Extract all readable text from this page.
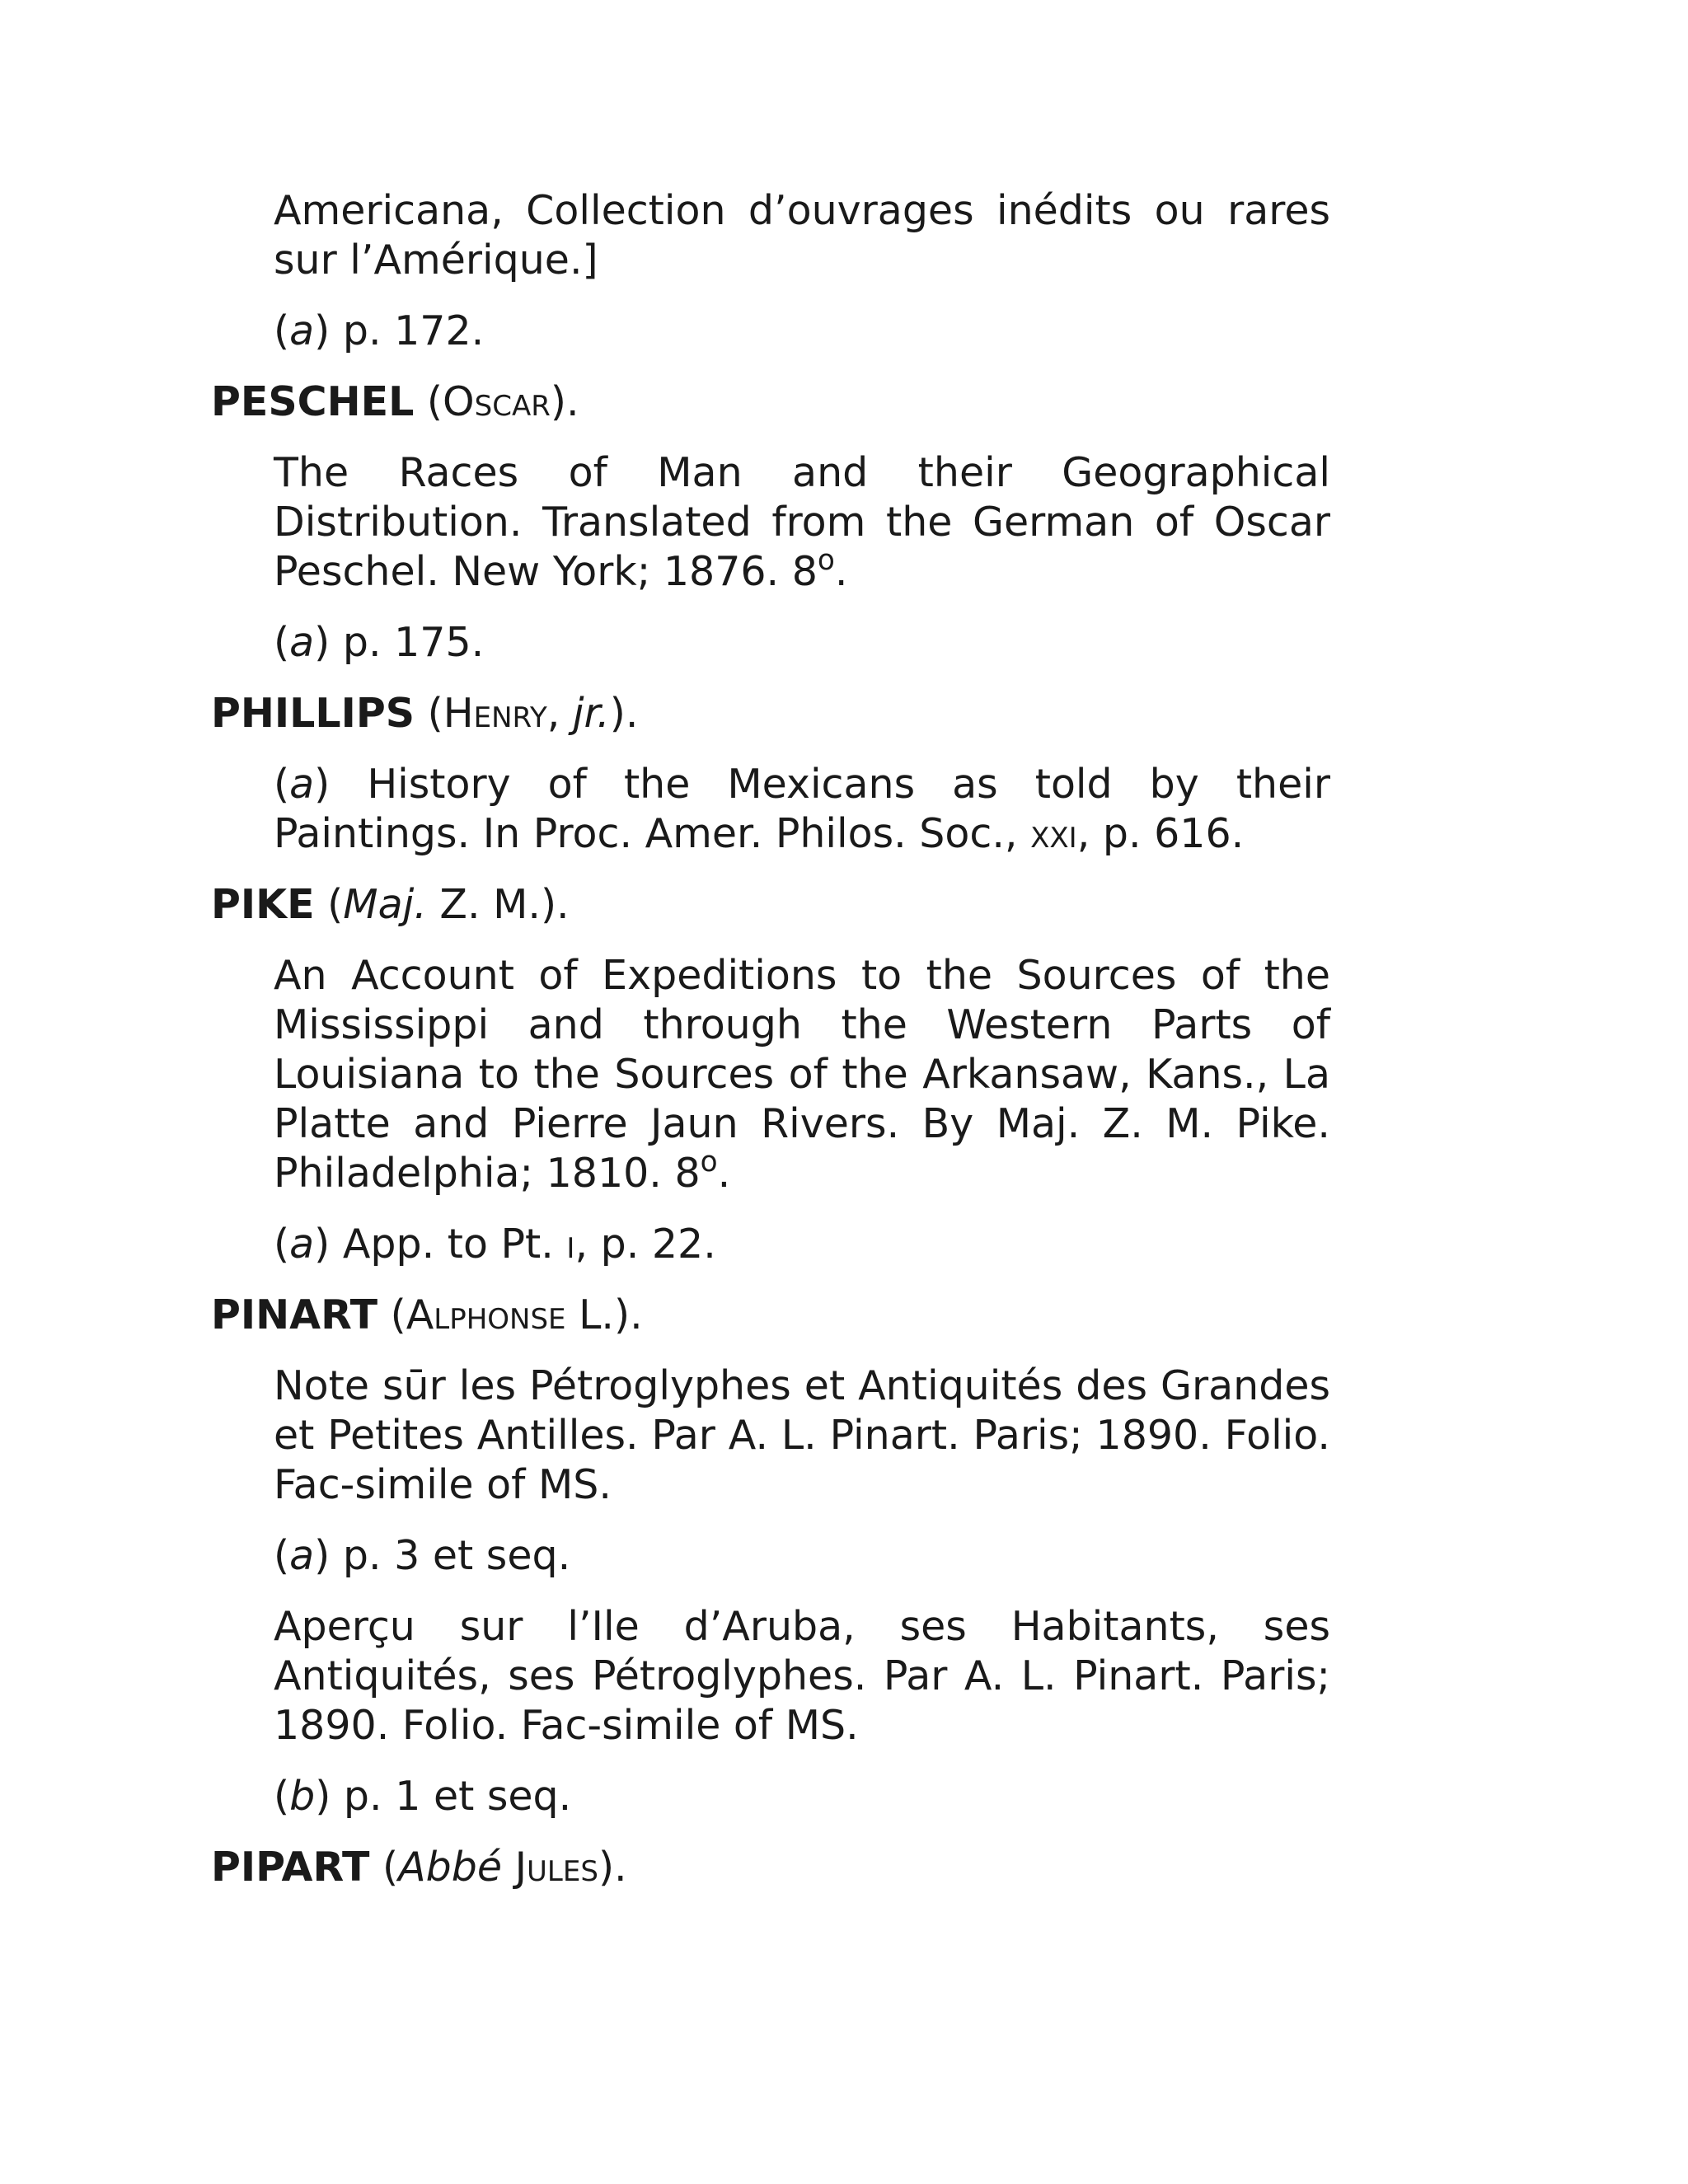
Americana, Collection d’ouvrages inédits ou rares sur l’Amérique.]

(a) p. 172.

PESCHEL (Oscar).

The Races of Man and their Geographical Distribution. Translated from the German of Oscar Peschel. New York; 1876. 8$^o$.

(a) p. 175.

PHILLIPS (Henry, jr.).

(a) History of the Mexicans as told by their Paintings. In Proc. Amer. Philos. Soc., xxi, p. 616.

PIKE (Maj. Z. M.).

An Account of Expeditions to the Sources of the Mississippi and through the Western Parts of Louisiana to the Sources of the Arkansaw, Kans., La Platte and Pierre Jaun Rivers. By Maj. Z. M. Pike. Philadelphia; 1810. 8$^o$.

(a) App. to Pt. i, p. 22.

PINART (Alphonse L.).

Note sūr les Pétroglyphes et Antiquités des Grandes et Petites Antilles. Par A. L. Pinart. Paris; 1890. Folio. Fac-simile of MS.

(a) p. 3 et seq.

Aperçu sur l’Ile d’Aruba, ses Habitants, ses Antiquités, ses Pétroglyphes. Par A. L. Pinart. Paris; 1890. Folio. Fac-simile of MS.

(b) p. 1 et seq.

PIPART (Abbé Jules).
